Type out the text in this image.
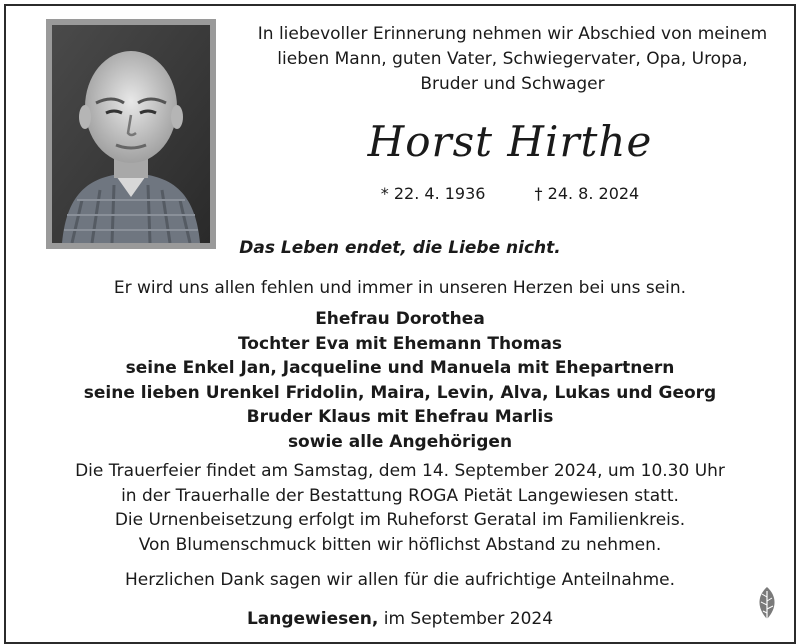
In liebevoller Erinnerung nehmen wir Abschied von meinem
lieben Mann, guten Vater, Schwiegervater, Opa, Uropa,
Bruder und Schwager
Horst Hirthe
* 22. 4. 1936	† 24. 8. 2024
Das Leben endet, die Liebe nicht.
Er wird uns allen fehlen und immer in unseren Herzen bei uns sein.
Ehefrau Dorothea
Tochter Eva mit Ehemann Thomas
seine Enkel Jan, Jacqueline und Manuela mit Ehepartnern
seine lieben Urenkel Fridolin, Maira, Levin, Alva, Lukas und Georg
Bruder Klaus mit Ehefrau Marlis
sowie alle Angehörigen
Die Trauerfeier findet am Samstag, dem 14. September 2024, um 10.30 Uhr
in der Trauerhalle der Bestattung ROGA Pietät Langewiesen statt.
Die Urnenbeisetzung erfolgt im Ruheforst Geratal im Familienkreis.
Von Blumenschmuck bitten wir höflichst Abstand zu nehmen.
Herzlichen Dank sagen wir allen für die aufrichtige Anteilnahme.
Langewiesen, im September 2024
